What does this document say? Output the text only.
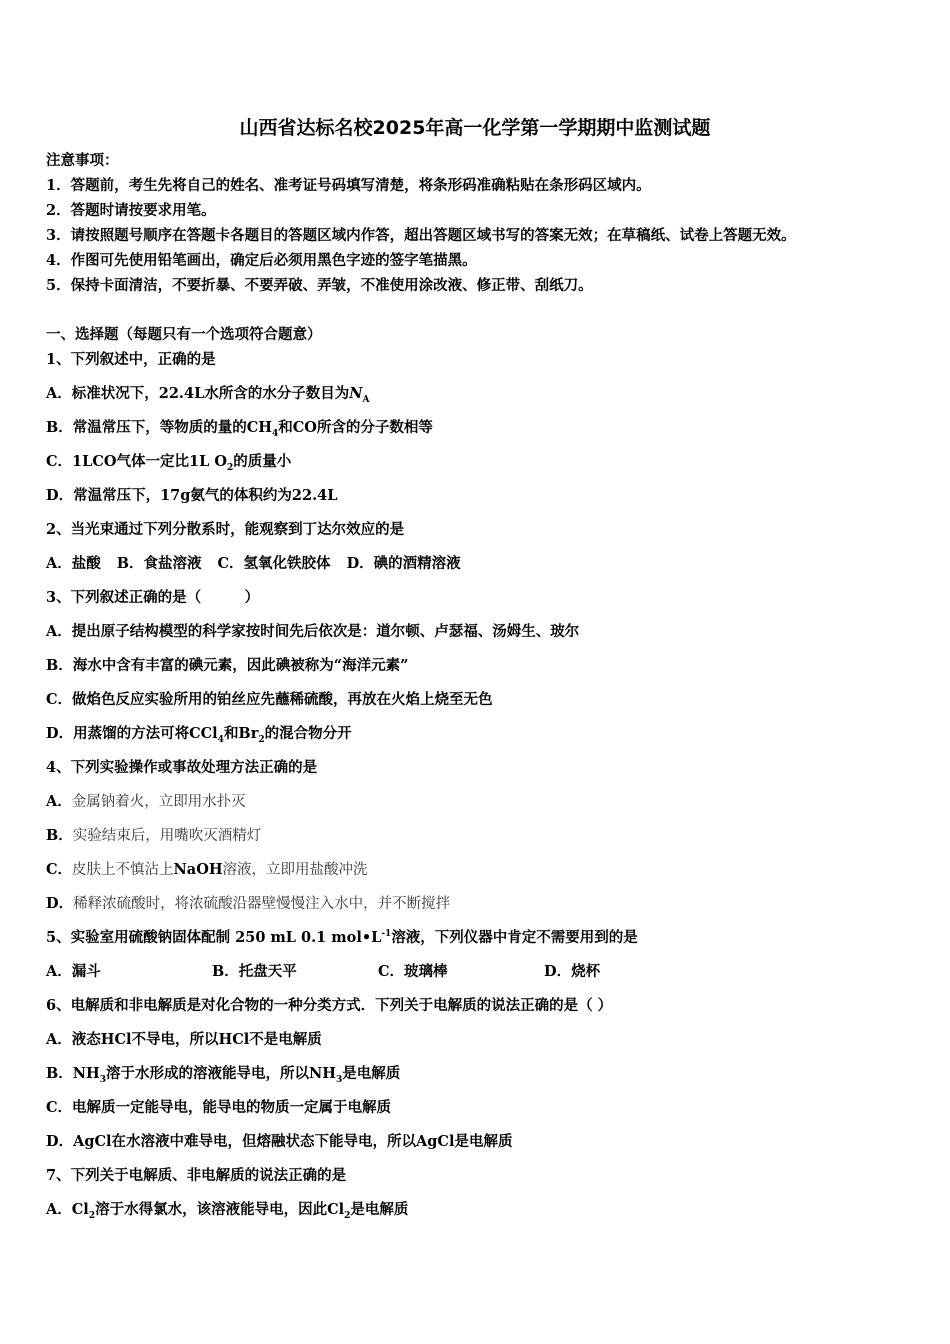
山西省达标名校2025年高一化学第一学期期中监测试题
注意事项：
1．答题前，考生先将自己的姓名、准考证号码填写清楚，将条形码准确粘贴在条形码区域内。
2．答题时请按要求用笔。
3．请按照题号顺序在答题卡各题目的答题区域内作答，超出答题区域书写的答案无效；在草稿纸、试卷上答题无效。
4．作图可先使用铅笔画出，确定后必须用黑色字迹的签字笔描黑。
5．保持卡面清洁，不要折暴、不要弄破、弄皱，不准使用涂改液、修正带、刮纸刀。
一、选择题（每题只有一个选项符合题意）
1、下列叙述中，正确的是
A．标准状况下，22.4L水所含的水分子数目为$N_A$
B．常温常压下，等物质的量的$CH_4$和CO所含的分子数相等
C．1LCO气体一定比1L $O_2$的质量小
D．常温常压下，17g氨气的体积约为22.4L
2、当光束通过下列分散系时，能观察到丁达尔效应的是
A．盐酸 B．食盐溶液 C．氢氧化铁胶体 D．碘的酒精溶液
3、下列叙述正确的是（　　　）
A．提出原子结构模型的科学家按时间先后依次是：道尔顿、卢瑟福、汤姆生、玻尔
B．海水中含有丰富的碘元素，因此碘被称为“海洋元素”
C．做焰色反应实验所用的铂丝应先蘸稀硫酸，再放在火焰上烧至无色
D．用蒸馏的方法可将CCl$_4$和$Br_2$的混合物分开
4、下列实验操作或事故处理方法正确的是
A．金属钠着火，立即用水扑灭
B．实验结束后，用嘴吹灭酒精灯
C．皮肤上不慎沾上NaOH溶液，立即用盐酸冲洗
D．稀释浓硫酸时，将浓硫酸沿器壁慢慢注入水中，并不断搅拌
5、实验室用硫酸钠固体配制 250 mL 0.1 $mol•L^{-1}$溶液，下列仪器中肯定不需要用到的是
A．漏斗	B．托盘天平	C．玻璃棒	D．烧杯
6、电解质和非电解质是对化合物的一种分类方式．下列关于电解质的说法正确的是（ ）
A．液态HCl不导电，所以HCl不是电解质
B．$NH_3$溶于水形成的溶液能导电，所以$NH_3$是电解质
C．电解质一定能导电，能导电的物质一定属于电解质
D．AgCl在水溶液中难导电，但熔融状态下能导电，所以AgCl是电解质
7、下列关于电解质、非电解质的说法正确的是
A．$Cl_2$溶于水得氯水，该溶液能导电，因此$Cl_2$是电解质
